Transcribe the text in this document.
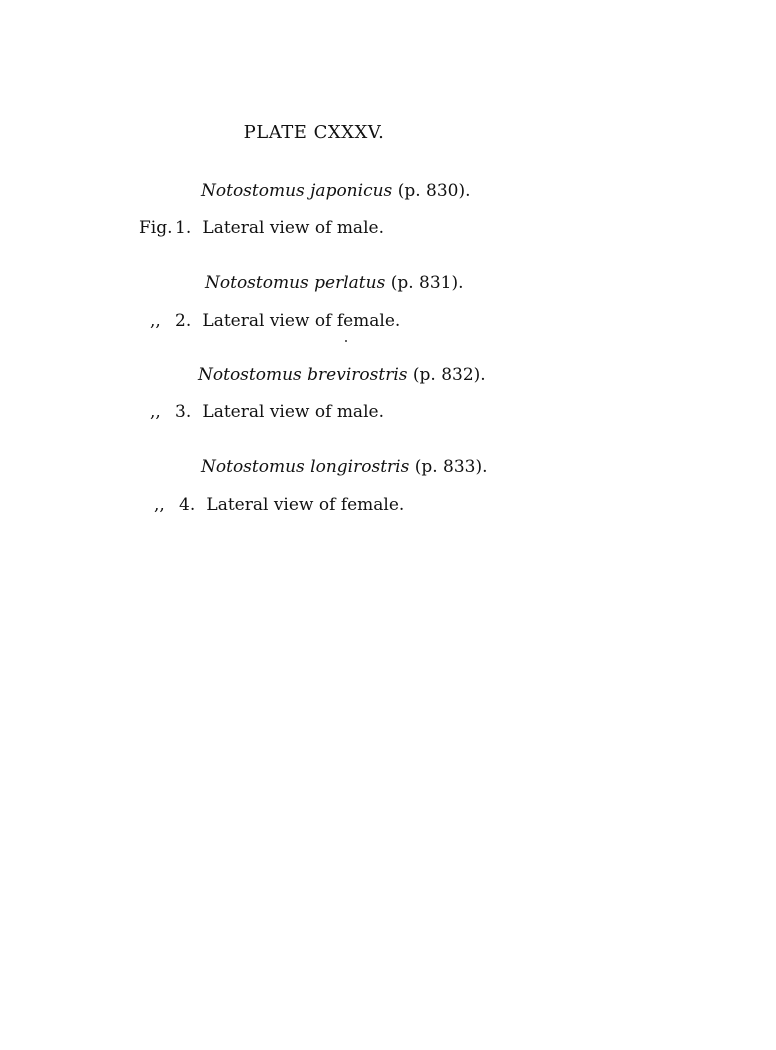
PLATE CXXXV.
Notostomus japonicus (p. 830).
Fig. 1. Lateral view of male.
Notostomus perlatus (p. 831).
,, 2. Lateral view of female.
Notostomus brevirostris (p. 832).
,, 3. Lateral view of male.
Notostomus longirostris (p. 833).
,, 4. Lateral view of female.
